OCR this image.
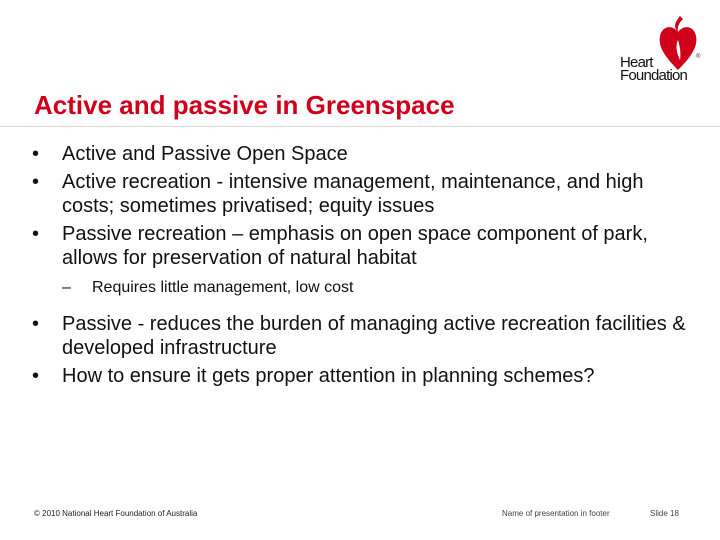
Heart
Foundation
®
Active and passive in Greenspace
• Active and Passive Open Space
• Active recreation - intensive management, maintenance, and high costs; sometimes privatised; equity issues
• Passive recreation – emphasis on open space component of park, allows for preservation of natural habitat
– Requires little management, low cost
• Passive - reduces the burden of managing active recreation facilities & developed infrastructure
• How to ensure it gets proper attention in planning schemes?
© 2010 National Heart Foundation of Australia	Name of presentation in footer	Slide 18
